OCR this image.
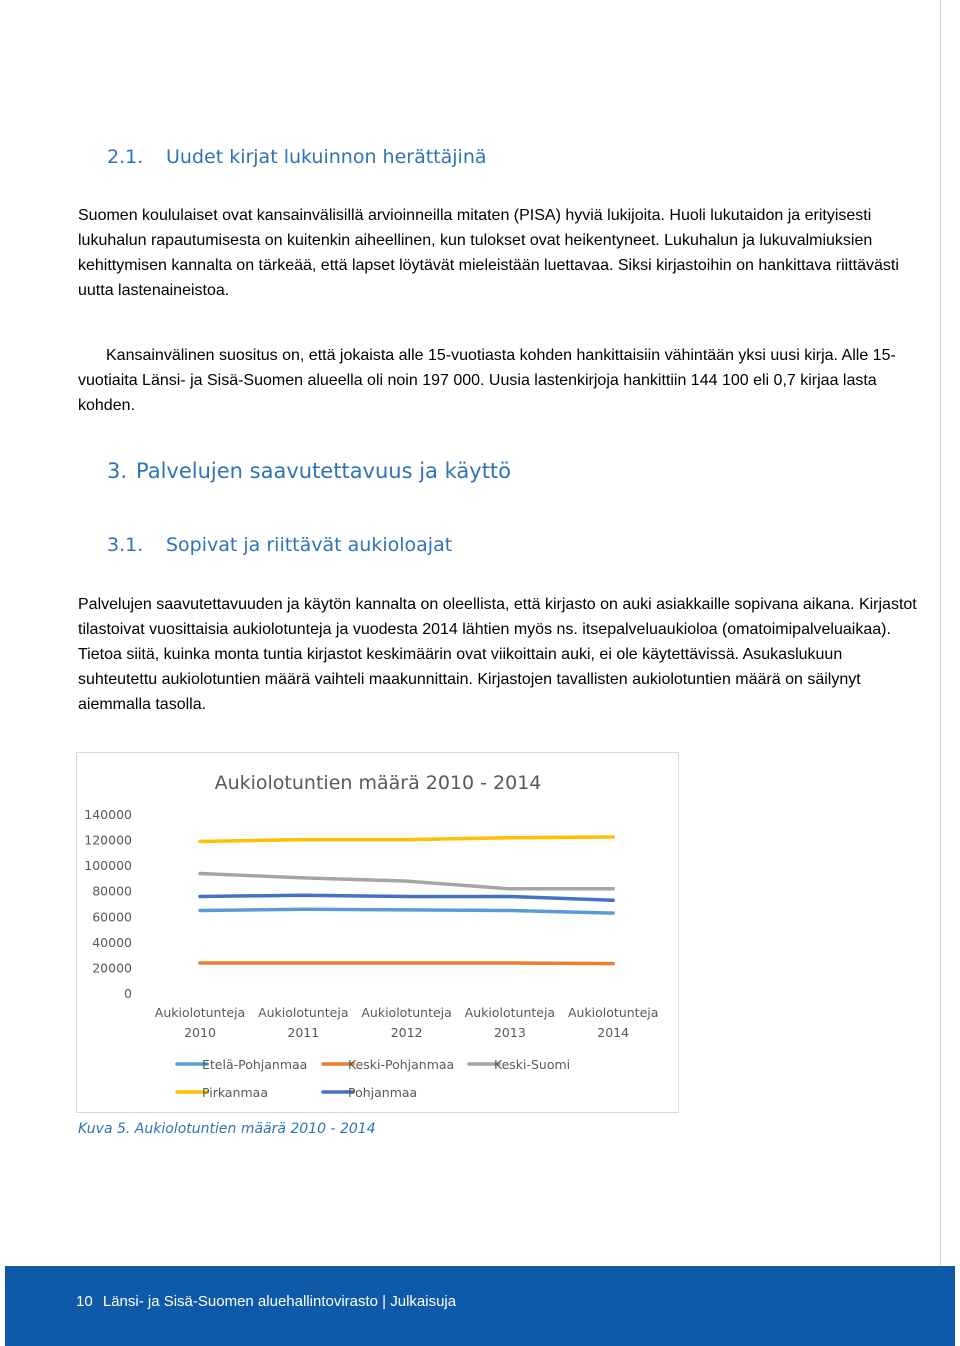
2.1. Uudet kirjat lukuinnon herättäjinä

Suomen koululaiset ovat kansainvälisillä arvioinneilla mitaten (PISA) hyviä lukijoita. Huoli lukutaidon ja erityisesti lukuhalun rapautumisesta on kuitenkin aiheellinen, kun tulokset ovat heikentyneet. Lukuhalun ja lukuvalmiuksien kehittymisen kannalta on tärkeää, että lapset löytävät mieleistään luettavaa. Siksi kirjastoihin on hankittava riittävästi uutta lastenaineistoa.

Kansainvälinen suositus on, että jokaista alle 15-vuotiasta kohden hankittaisiin vähintään yksi uusi kirja. Alle 15-vuotiaita Länsi- ja Sisä-Suomen alueella oli noin 197 000. Uusia lastenkirjoja hankittiin 144 100 eli 0,7 kirjaa lasta kohden.

3. Palvelujen saavutettavuus ja käyttö
3.1. Sopivat ja riittävät aukioloajat

Palvelujen saavutettavuuden ja käytön kannalta on oleellista, että kirjasto on auki asiakkaille sopivana aikana. Kirjastot tilastoivat vuosittaisia aukiolotunteja ja vuodesta 2014 lähtien myös ns. itsepalveluaukioloa (omatoimipalveluaikaa). Tietoa siitä, kuinka monta tuntia kirjastot keskimäärin ovat viikoittain auki, ei ole käytettävissä. Asukaslukuun suhteutettu aukiolotuntien määrä vaihteli maakunnittain. Kirjastojen tavallisten aukiolotuntien määrä on säilynyt aiemmalla tasolla.

Aukiolotuntien määrä 2010 - 2014
0
20000
40000
60000
80000
100000
120000
140000
Aukiolotunteja 2010
Aukiolotunteja 2011
Aukiolotunteja 2012
Aukiolotunteja 2013
Aukiolotunteja 2014
Etelä-Pohjanmaa	Keski-Pohjanmaa	Keski-Suomi
Pirkanmaa	Pohjanmaa
Kuva 5. Aukiolotuntien määrä 2010 - 2014
10 Länsi- ja Sisä-Suomen aluehallintovirasto | Julkaisuja
